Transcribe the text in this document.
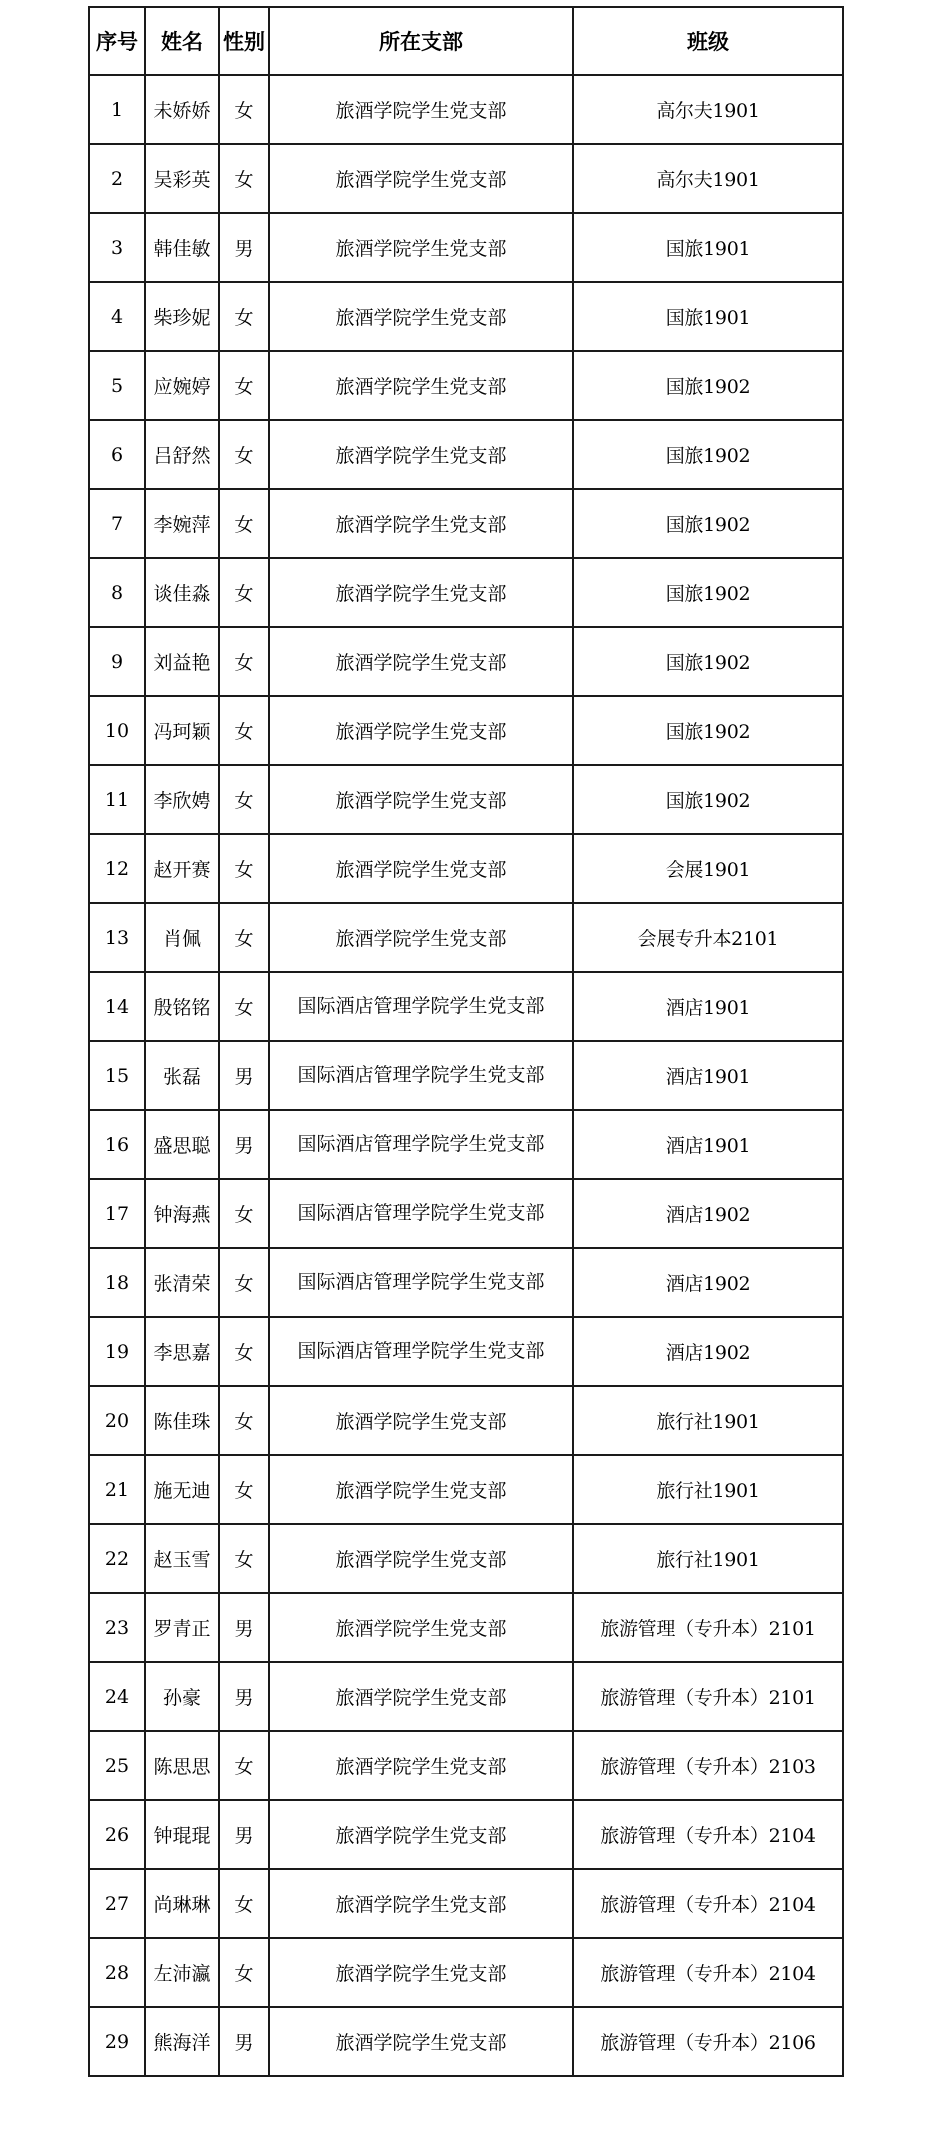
序号	姓名	性别	所在支部	班级
1	未娇娇	女	旅酒学院学生党支部	高尔夫1901
2	吴彩英	女	旅酒学院学生党支部	高尔夫1901
3	韩佳敏	男	旅酒学院学生党支部	国旅1901
4	柴珍妮	女	旅酒学院学生党支部	国旅1901
5	应婉婷	女	旅酒学院学生党支部	国旅1902
6	吕舒然	女	旅酒学院学生党支部	国旅1902
7	李婉萍	女	旅酒学院学生党支部	国旅1902
8	谈佳淼	女	旅酒学院学生党支部	国旅1902
9	刘益艳	女	旅酒学院学生党支部	国旅1902
10	冯珂颖	女	旅酒学院学生党支部	国旅1902
11	李欣娉	女	旅酒学院学生党支部	国旅1902
12	赵开赛	女	旅酒学院学生党支部	会展1901
13	肖佩	女	旅酒学院学生党支部	会展专升本2101
14	殷铭铭	女	国际酒店管理学院学生党支部	酒店1901
15	张磊	男	国际酒店管理学院学生党支部	酒店1901
16	盛思聪	男	国际酒店管理学院学生党支部	酒店1901
17	钟海燕	女	国际酒店管理学院学生党支部	酒店1902
18	张清荣	女	国际酒店管理学院学生党支部	酒店1902
19	李思嘉	女	国际酒店管理学院学生党支部	酒店1902
20	陈佳珠	女	旅酒学院学生党支部	旅行社1901
21	施无迪	女	旅酒学院学生党支部	旅行社1901
22	赵玉雪	女	旅酒学院学生党支部	旅行社1901
23	罗青正	男	旅酒学院学生党支部	旅游管理（专升本）2101
24	孙豪	男	旅酒学院学生党支部	旅游管理（专升本）2101
25	陈思思	女	旅酒学院学生党支部	旅游管理（专升本）2103
26	钟琨琨	男	旅酒学院学生党支部	旅游管理（专升本）2104
27	尚琳琳	女	旅酒学院学生党支部	旅游管理（专升本）2104
28	左沛瀛	女	旅酒学院学生党支部	旅游管理（专升本）2104
29	熊海洋	男	旅酒学院学生党支部	旅游管理（专升本）2106
